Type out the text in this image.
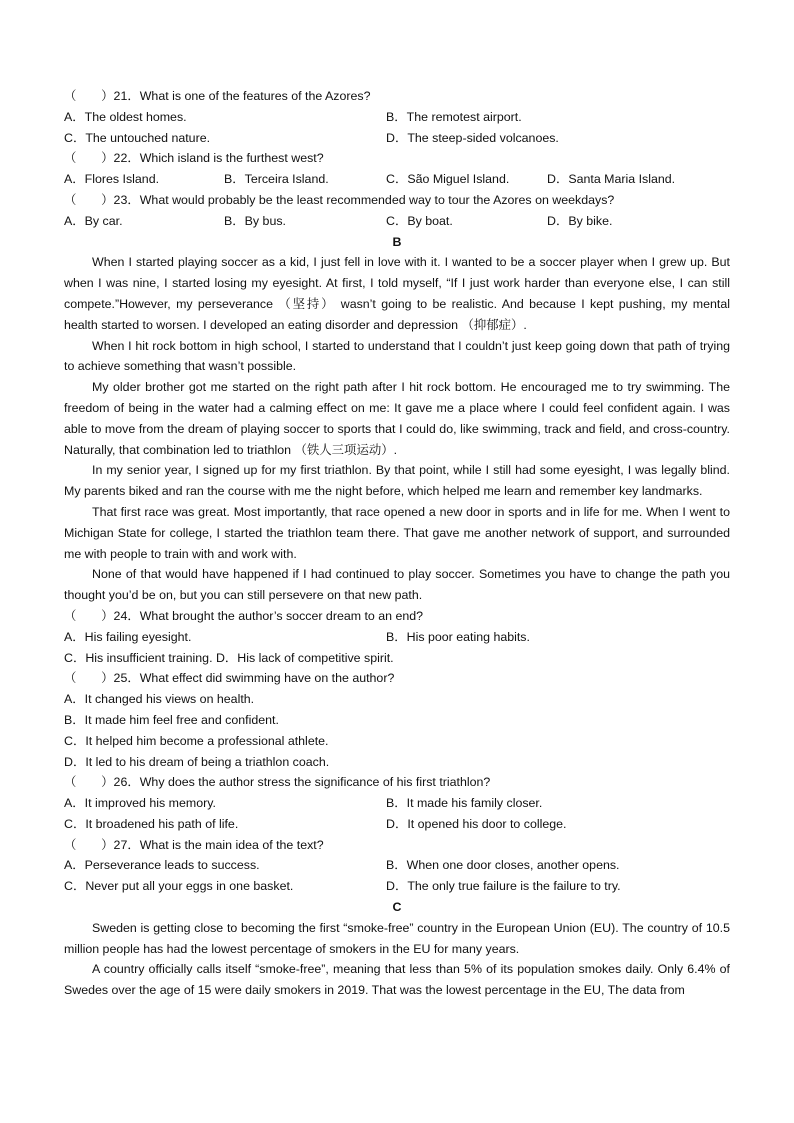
（　　）21．What is one of the features of the Azores?
A．The oldest homes.	B．The remotest airport.
C．The untouched nature.	D．The steep-sided volcanoes.
（　　）22．Which island is the furthest west?
A．Flores Island.	B．Terceira Island.	C．São Miguel Island.	D．Santa Maria Island.
（　　）23．What would probably be the least recommended way to tour the Azores on weekdays?
A．By car.	B．By bus.	C．By boat.	D．By bike.
B

When I started playing soccer as a kid, I just fell in love with it. I wanted to be a soccer player when I grew up. But when I was nine, I started losing my eyesight. At first, I told myself, “If I just work harder than everyone else, I can still compete.”However, my perseverance （坚持） wasn’t going to be realistic. And because I kept pushing, my mental health started to worsen. I developed an eating disorder and depression （抑郁症）.

When I hit rock bottom in high school, I started to understand that I couldn’t just keep going down that path of trying to achieve something that wasn’t possible.

My older brother got me started on the right path after I hit rock bottom. He encouraged me to try swimming. The freedom of being in the water had a calming effect on me: It gave me a place where I could feel confident again. I was able to move from the dream of playing soccer to sports that I could do, like swimming, track and field, and cross-country. Naturally, that combination led to triathlon （铁人三项运动）.

In my senior year, I signed up for my first triathlon. By that point, while I still had some eyesight, I was legally blind. My parents biked and ran the course with me the night before, which helped me learn and remember key landmarks.

That first race was great. Most importantly, that race opened a new door in sports and in life for me. When I went to Michigan State for college, I started the triathlon team there. That gave me another network of support, and surrounded me with people to train with and work with.

None of that would have happened if I had continued to play soccer. Sometimes you have to change the path you thought you’d be on, but you can still persevere on that new path.

（　　）24．What brought the author’s soccer dream to an end?
A．His failing eyesight.	B．His poor eating habits.
C．His insufficient training. D．His lack of competitive spirit.
（　　）25．What effect did swimming have on the author?
A．It changed his views on health.
B．It made him feel free and confident.
C．It helped him become a professional athlete.
D．It led to his dream of being a triathlon coach.
（　　）26．Why does the author stress the significance of his first triathlon?
A．It improved his memory.	B．It made his family closer.
C．It broadened his path of life.	D．It opened his door to college.
（　　）27．What is the main idea of the text?
A．Perseverance leads to success.	B．When one door closes, another opens.
C．Never put all your eggs in one basket.	D．The only true failure is the failure to try.
C

Sweden is getting close to becoming the first “smoke-free” country in the European Union (EU). The country of 10.5 million people has had the lowest percentage of smokers in the EU for many years.

A country officially calls itself “smoke-free”, meaning that less than 5% of its population smokes daily. Only 6.4% of Swedes over the age of 15 were daily smokers in 2019. That was the lowest percentage in the EU, The data from
